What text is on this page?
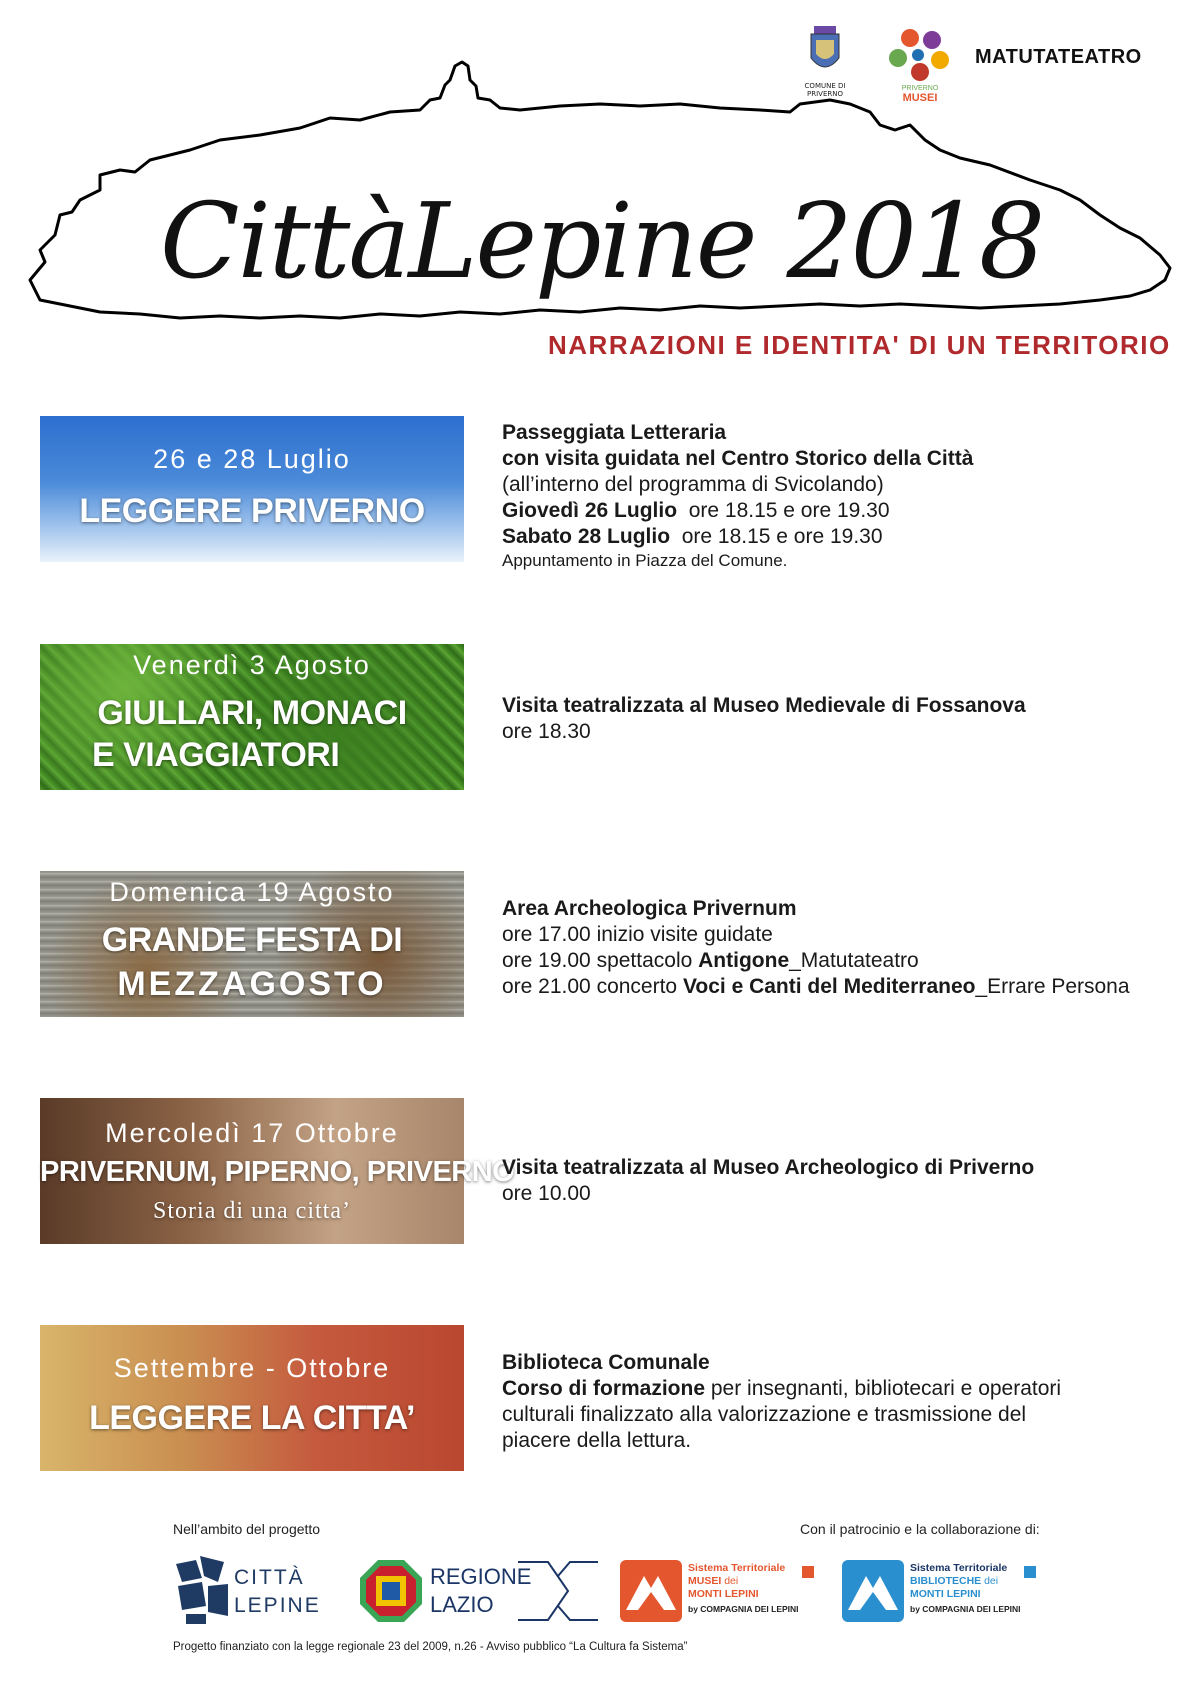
COMUNE DI
PRIVERNO
PRIVERNO
MUSEI
MATUTATEATRO
CittàLepine 2018
NARRAZIONI E IDENTITA' DI UN TERRITORIO
26 e 28 Luglio
LEGGERE PRIVERNO
Passeggiata Letteraria
con visita guidata nel Centro Storico della Città
(all’interno del programma di Svicolando)
Giovedì 26 Luglio  ore 18.15 e ore 19.30
Sabato 28 Luglio  ore 18.15 e ore 19.30
Appuntamento in Piazza del Comune.
Venerdì 3 Agosto
GIULLARI, MONACI
E VIAGGIATORI
Visita teatralizzata al Museo Medievale di Fossanova
ore 18.30
Domenica 19 Agosto
GRANDE FESTA DI
MEZZAGOSTO
Area Archeologica Privernum
ore 17.00 inizio visite guidate
ore 19.00 spettacolo Antigone_Matutateatro
ore 21.00 concerto Voci e Canti del Mediterraneo_Errare Persona
Mercoledì 17 Ottobre
PRIVERNUM, PIPERNO, PRIVERNO
Storia di una citta’
Visita teatralizzata al Museo Archeologico di Priverno
ore 10.00
Settembre - Ottobre
LEGGERE LA CITTA’
Biblioteca Comunale
Corso di formazione per insegnanti, bibliotecari e operatori
culturali finalizzato alla valorizzazione e trasmissione del
piacere della lettura.
Nell’ambito del progetto	Con il patrocinio e la collaborazione di:
CITTÀ
LEPINE
REGIONE
LAZIO
Sistema Territoriale
MUSEI dei
MONTI LEPINI
by COMPAGNIA DEI LEPINI
Sistema Territoriale
BIBLIOTECHE dei
MONTI LEPINI
by COMPAGNIA DEI LEPINI
Progetto finanziato con la legge regionale 23 del 2009, n.26 - Avviso pubblico “La Cultura fa Sistema”
